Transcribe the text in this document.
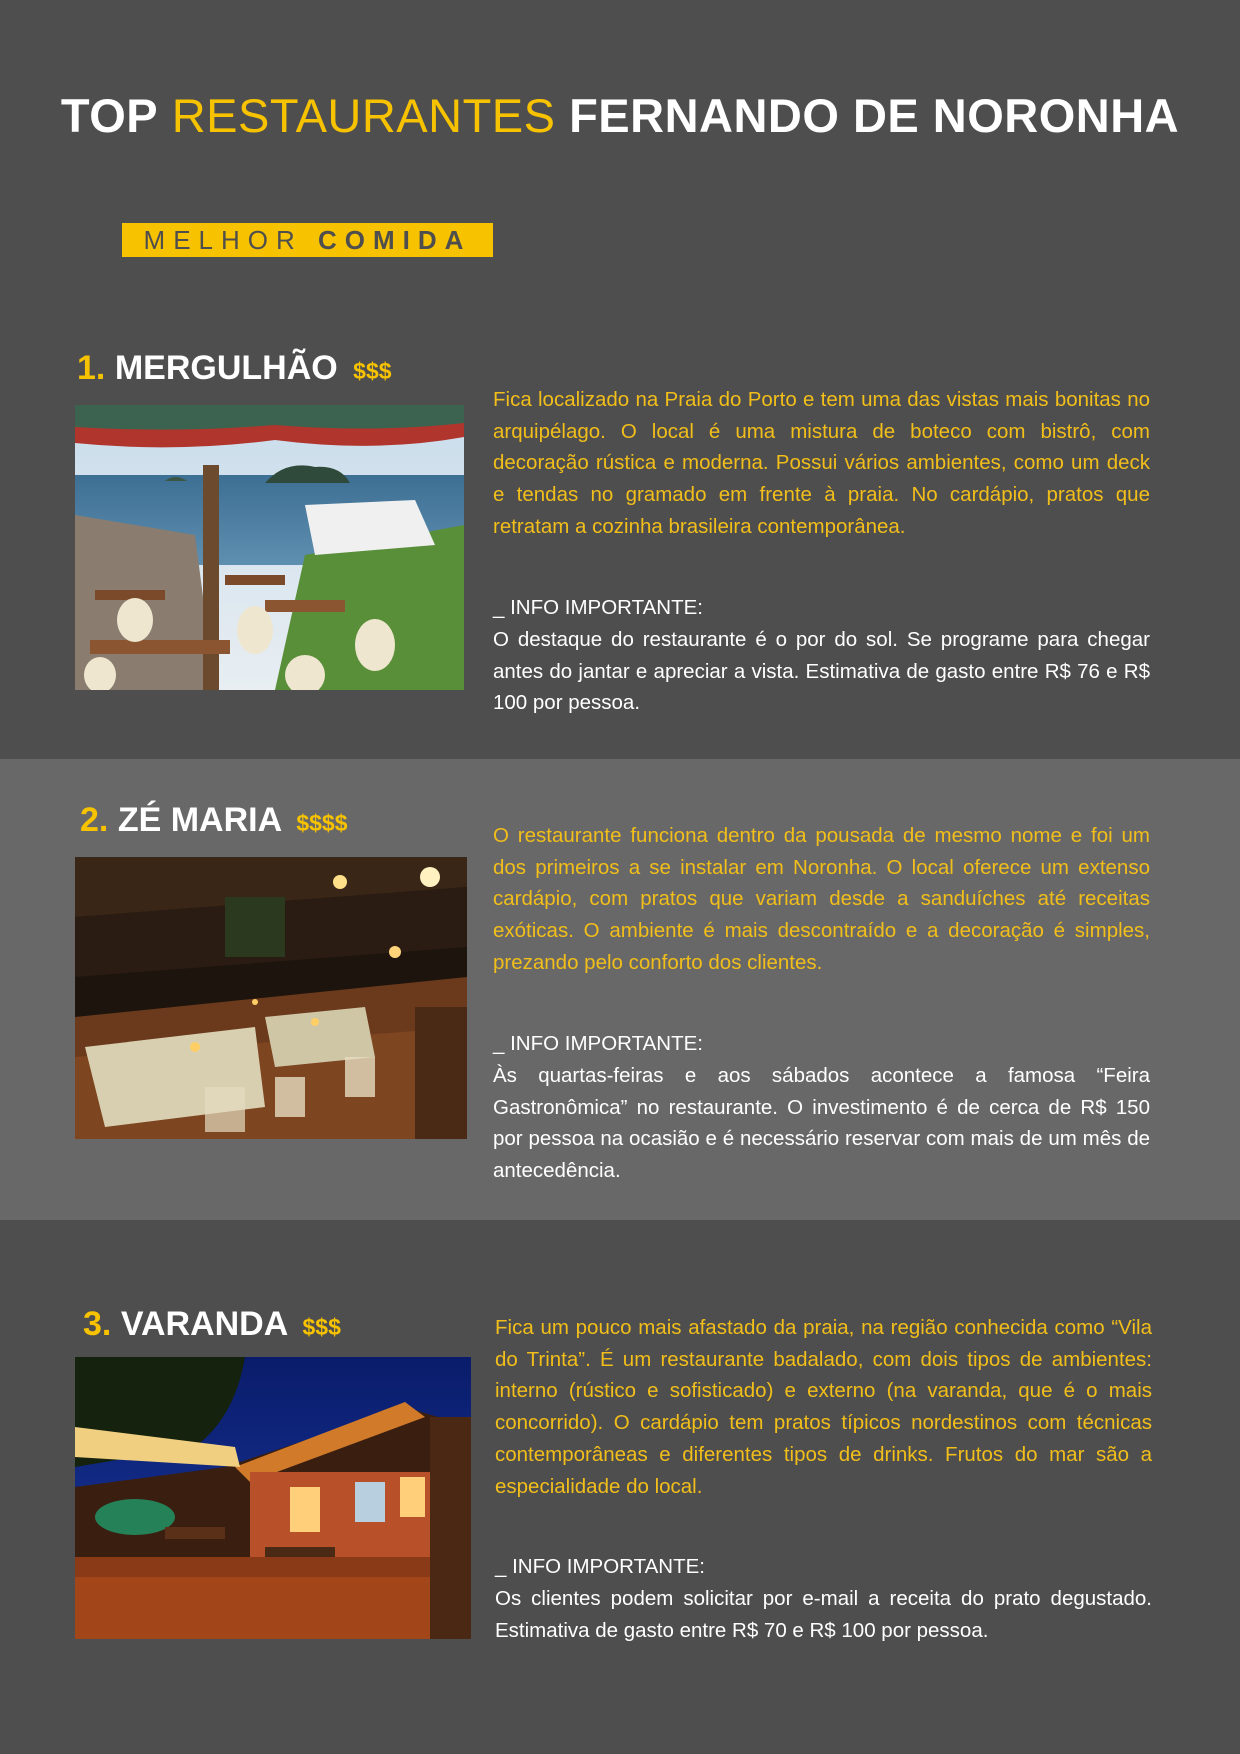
TOP RESTAURANTES FERNANDO DE NORONHA
MELHOR COMIDA
1. MERGULHÃO $$$

Fica localizado na Praia do Porto e tem uma das vistas mais bonitas no arquipélago. O local é uma mistura de boteco com bistrô, com decoração rústica e moderna. Possui vários ambientes, como um deck e tendas no gramado em frente à praia. No cardápio, pratos que retratam a cozinha brasileira contemporânea.

_ INFO IMPORTANTE:

O destaque do restaurante é o por do sol. Se programe para chegar antes do jantar e apreciar a vista. Estimativa de gasto entre R$ 76 e R$ 100 por pessoa.

2. ZÉ MARIA $$$$	O restaurante funciona dentro da pousada de mesmo nome e foi um dos primeiros a se instalar em Noronha. O local oferece um extenso cardápio, com pratos que variam desde a sanduíches até receitas exóticas. O ambiente é mais descontraído e a decoração é simples, prezando pelo conforto dos clientes.

_ INFO IMPORTANTE:

Às quartas-feiras e aos sábados acontece a famosa “Feira Gastronômica” no restaurante. O investimento é de cerca de R$ 150 por pessoa na ocasião e é necessário reservar com mais de um mês de antecedência.

3. VARANDA $$$	Fica um pouco mais afastado da praia, na região conhecida como “Vila do Trinta”. É um restaurante badalado, com dois tipos de ambientes: interno (rústico e sofisticado) e externo (na varanda, que é o mais concorrido). O cardápio tem pratos típicos nordestinos com técnicas contemporâneas e diferentes tipos de drinks. Frutos do mar são a especialidade do local.

_ INFO IMPORTANTE:

Os clientes podem solicitar por e-mail a receita do prato degustado. Estimativa de gasto entre R$ 70 e R$ 100 por pessoa.
